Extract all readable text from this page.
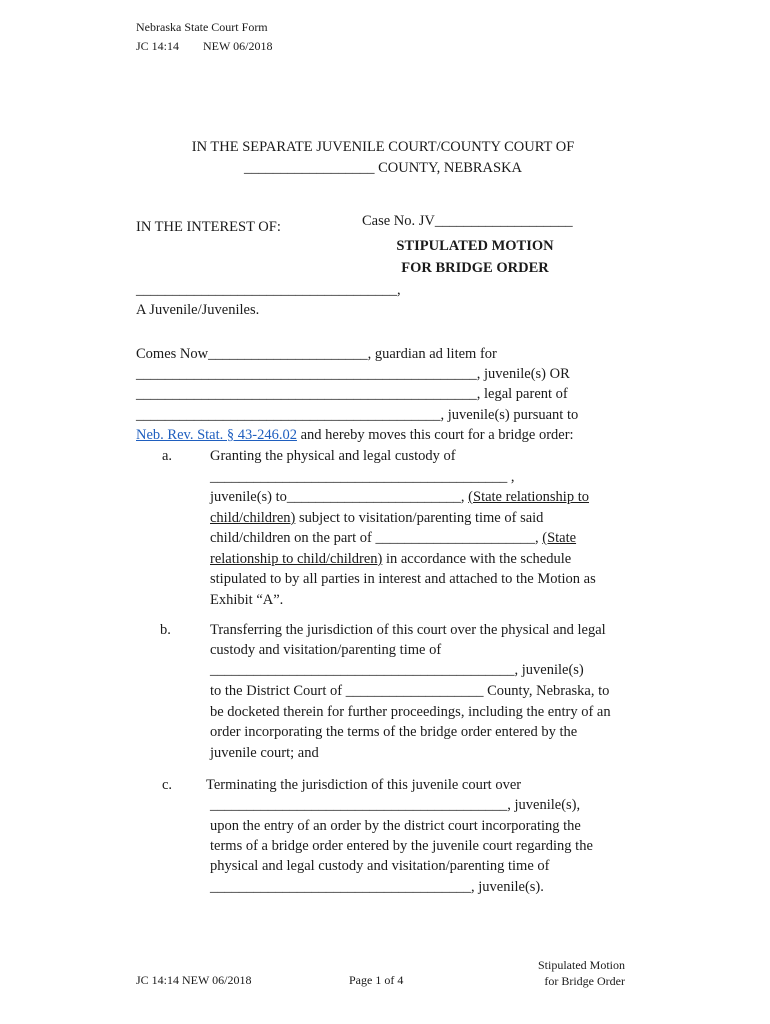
Nebraska State Court Form
JC 14:14 NEW 06/2018
IN THE SEPARATE JUVENILE COURT/COUNTY COURT OF
__________________ COUNTY, NEBRASKA
IN THE INTEREST OF:	Case No. JV___________________
STIPULATED MOTION
FOR BRIDGE ORDER
____________________________________,
A Juvenile/Juveniles.
Comes Now______________________, guardian ad litem for
_______________________________________________, juvenile(s) OR
_______________________________________________, legal parent of
__________________________________________, juvenile(s) pursuant to
Neb. Rev. Stat. § 43-246.02 and hereby moves this court for a bridge order:
a.	Granting the physical and legal custody of
_________________________________________ ,
juvenile(s) to________________________, (State relationship to
child/children) subject to visitation/parenting time of said
child/children on the part of ______________________, (State
relationship to child/children) in accordance with the schedule
stipulated to by all parties in interest and attached to the Motion as
Exhibit “A”.
b.	Transferring the jurisdiction of this court over the physical and legal
custody and visitation/parenting time of
__________________________________________, juvenile(s)
to the District Court of ___________________ County, Nebraska, to
be docketed therein for further proceedings, including the entry of an
order incorporating the terms of the bridge order entered by the
juvenile court; and
c. Terminating the jurisdiction of this juvenile court over
_________________________________________, juvenile(s),
upon the entry of an order by the district court incorporating the
terms of a bridge order entered by the juvenile court regarding the
physical and legal custody and visitation/parenting time of
____________________________________, juvenile(s).
JC 14:14 NEW 06/2018	Page 1 of 4
Stipulated Motion
for Bridge Order
